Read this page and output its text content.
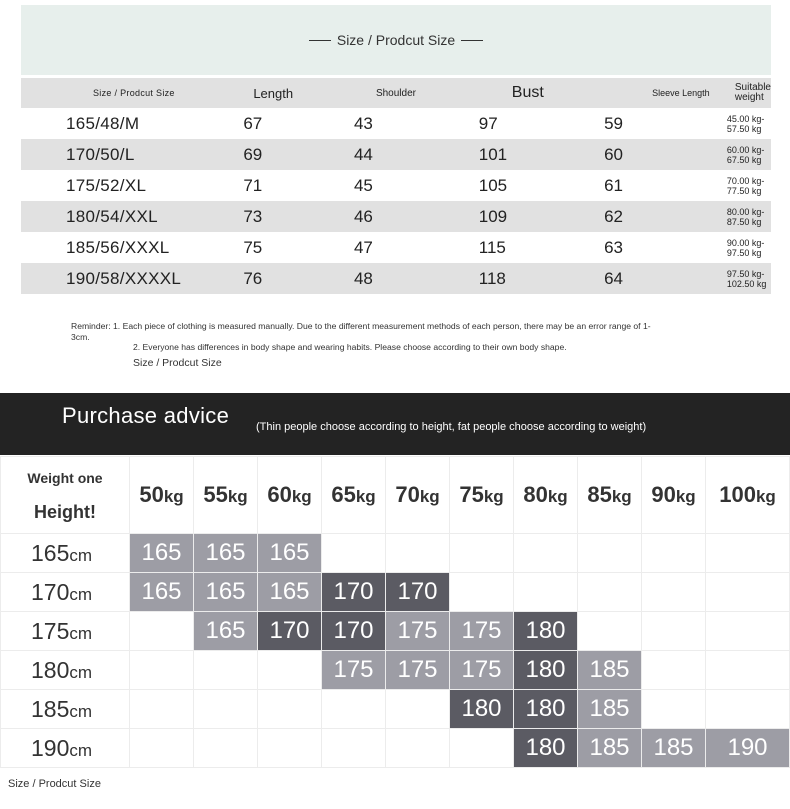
Size / Prodcut Size
Size / Prodcut Size	Length	Shoulder	Bust	Sleeve Length	Suitable weight
165/48/M	67	43	97	59	45.00 kg-57.50 kg
170/50/L	69	44	101	60	60.00 kg-67.50 kg
175/52/XL	71	45	105	61	70.00 kg-77.50 kg
180/54/XXL	73	46	109	62	80.00 kg-87.50 kg
185/56/XXXL	75	47	115	63	90.00 kg-97.50 kg
190/58/XXXXL	76	48	118	64	97.50 kg-102.50 kg
Reminder: 1. Each piece of clothing is measured manually. Due to the different measurement methods of each person, there may be an error range of 1-3cm.
2. Everyone has differences in body shape and wearing habits. Please choose according to their own body shape.
Size / Prodcut Size
Purchase advice (Thin people choose according to height, fat people choose according to weight)
Weight one
Height!	50kg	55kg	60kg	65kg	70kg	75kg	80kg	85kg	90kg	100kg
165cm	165	165	165							
170cm	165	165	165	170	170					
175cm		165	170	170	175	175	180			
180cm				175	175	175	180	185		
185cm						180	180	185		
190cm							180	185	185	190
Size / Prodcut Size
